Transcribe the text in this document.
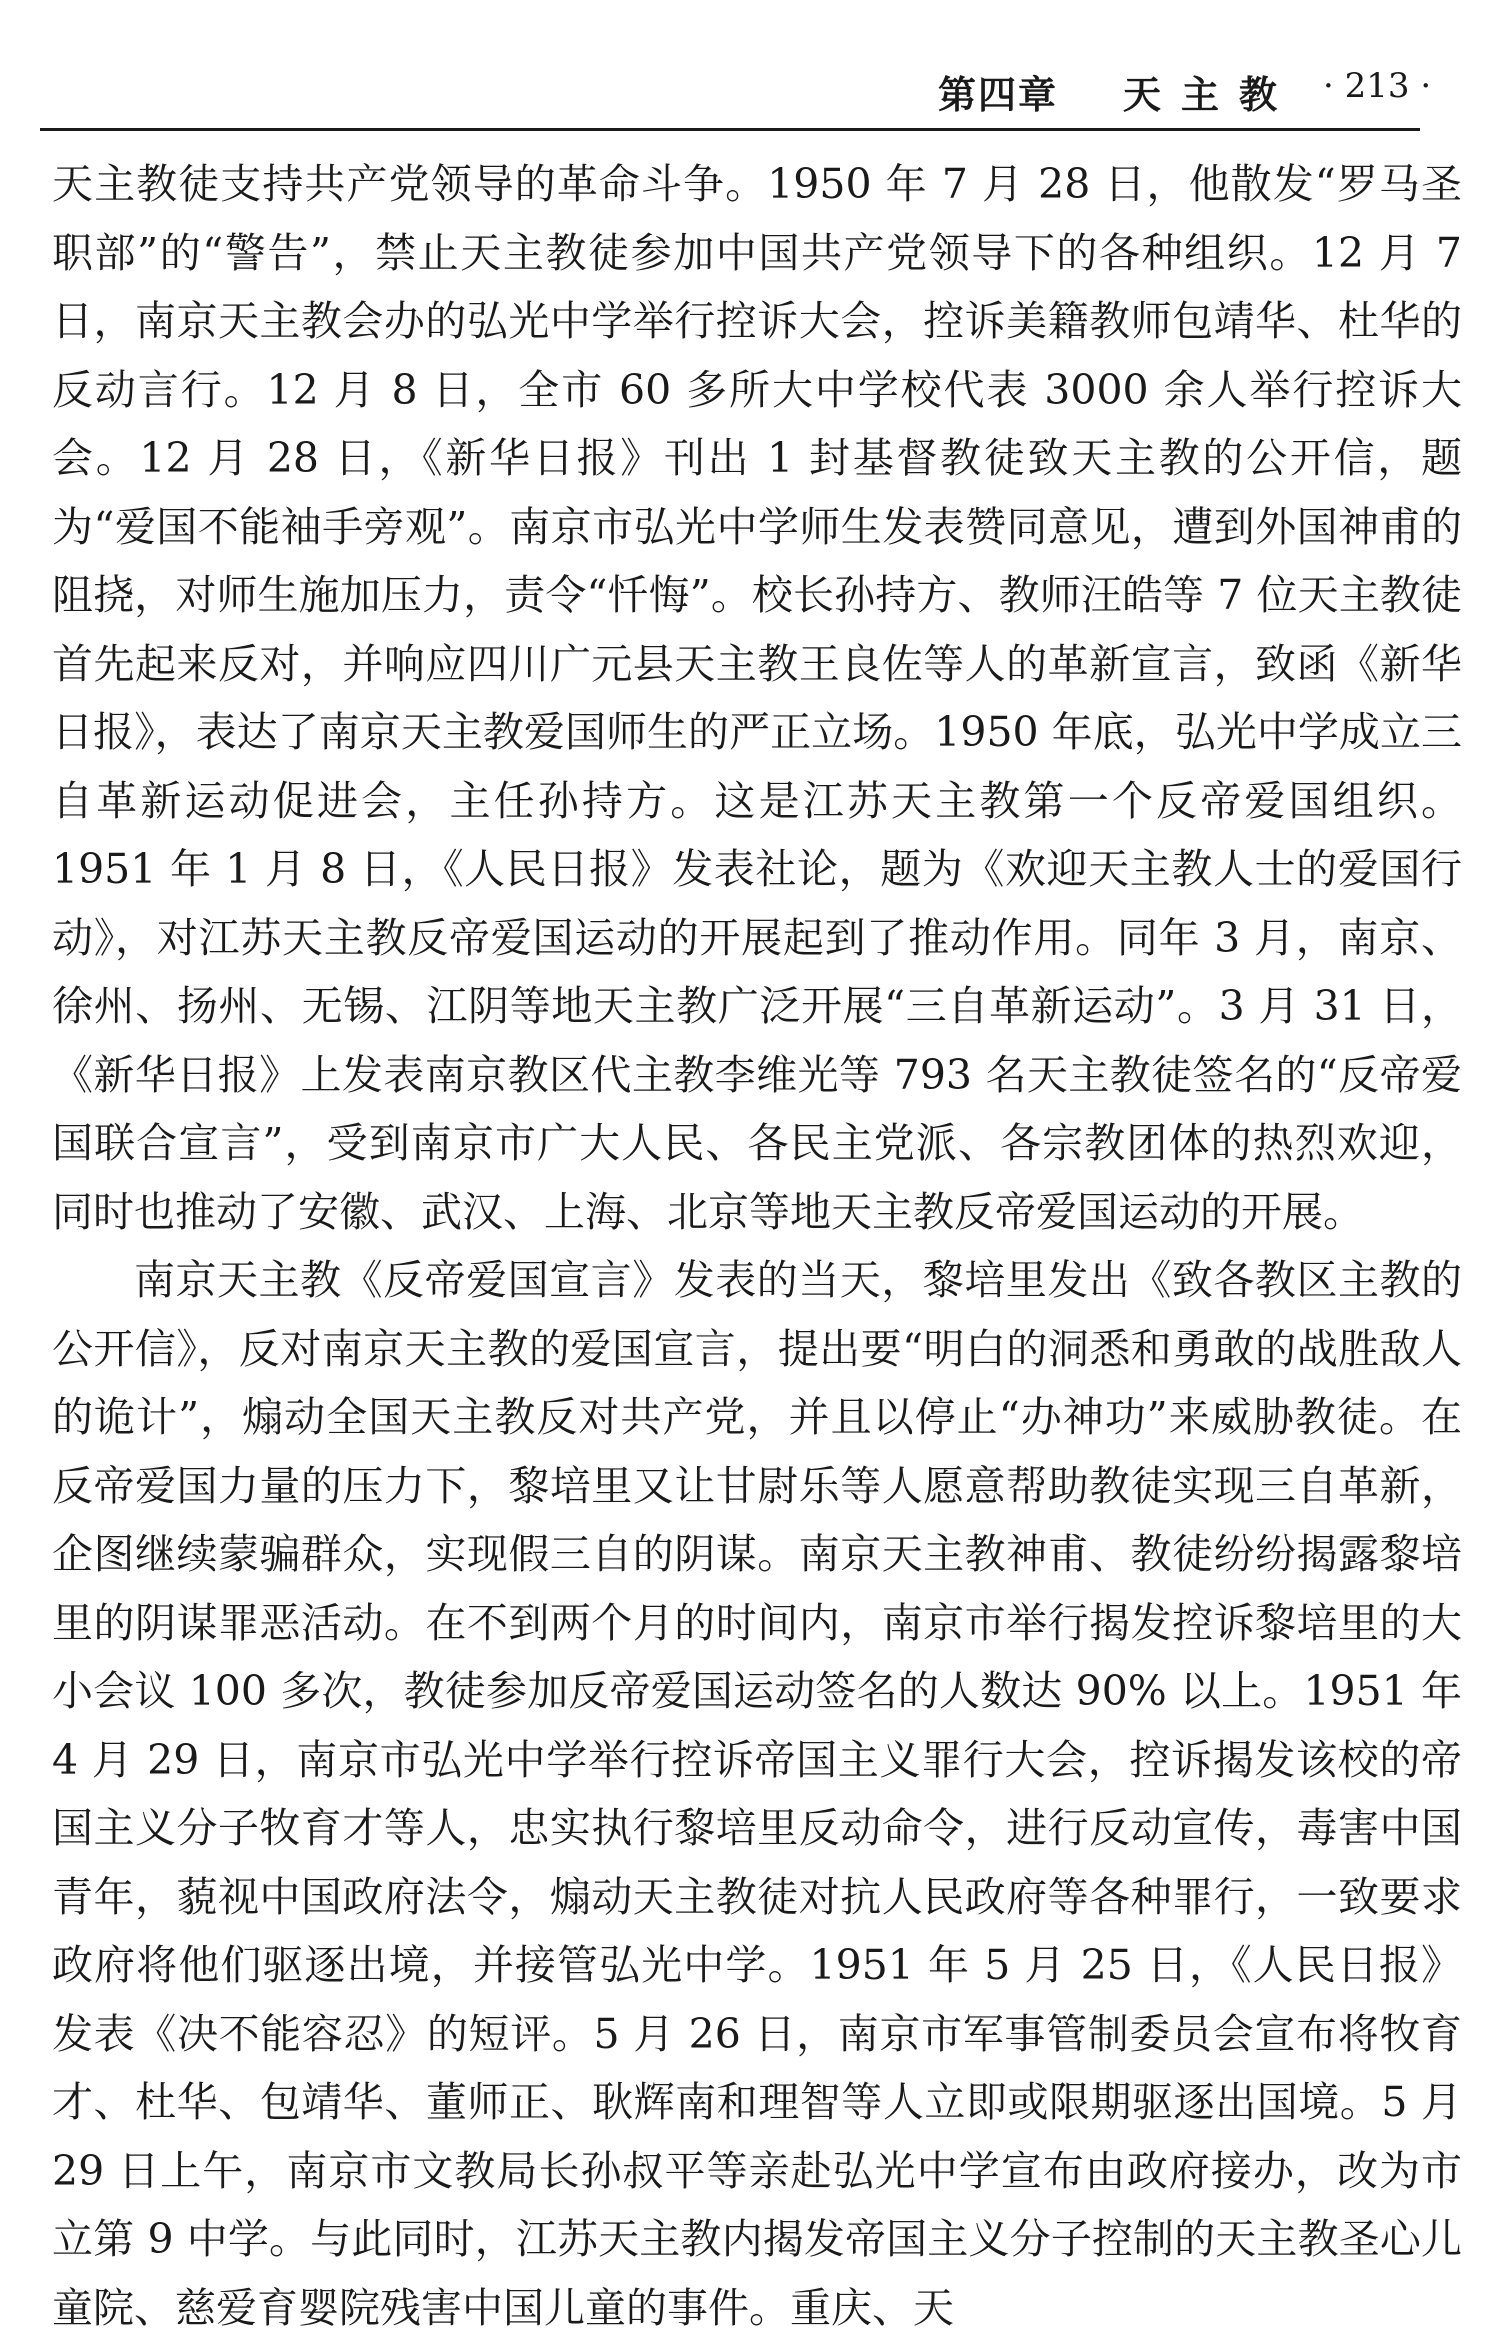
第四章 天主教 · 213 ·

天主教徒支持共产党领导的革命斗争。1950 年 7 月 28 日，他散发“罗马圣职部”的“警告”，禁止天主教徒参加中国共产党领导下的各种组织。12 月 7 日，南京天主教会办的弘光中学举行控诉大会，控诉美籍教师包靖华、杜华的反动言行。12 月 8 日，全市 60 多所大中学校代表 3000 余人举行控诉大会。12 月 28 日，《新华日报》刊出 1 封基督教徒致天主教的公开信，题为“爱国不能袖手旁观”。南京市弘光中学师生发表赞同意见，遭到外国神甫的阻挠，对师生施加压力，责令“忏悔”。校长孙持方、教师汪皓等 7 位天主教徒首先起来反对，并响应四川广元县天主教王良佐等人的革新宣言，致函《新华日报》，表达了南京天主教爱国师生的严正立场。1950 年底，弘光中学成立三自革新运动促进会，主任孙持方。这是江苏天主教第一个反帝爱国组织。1951 年 1 月 8 日，《人民日报》发表社论，题为《欢迎天主教人士的爱国行动》，对江苏天主教反帝爱国运动的开展起到了推动作用。同年 3 月，南京、徐州、扬州、无锡、江阴等地天主教广泛开展“三自革新运动”。3 月 31 日，《新华日报》上发表南京教区代主教李维光等 793 名天主教徒签名的“反帝爱国联合宣言”，受到南京市广大人民、各民主党派、各宗教团体的热烈欢迎，同时也推动了安徽、武汉、上海、北京等地天主教反帝爱国运动的开展。

南京天主教《反帝爱国宣言》发表的当天，黎培里发出《致各教区主教的公开信》，反对南京天主教的爱国宣言，提出要“明白的洞悉和勇敢的战胜敌人的诡计”，煽动全国天主教反对共产党，并且以停止“办神功”来威胁教徒。在反帝爱国力量的压力下，黎培里又让甘尉乐等人愿意帮助教徒实现三自革新，企图继续蒙骗群众，实现假三自的阴谋。南京天主教神甫、教徒纷纷揭露黎培里的阴谋罪恶活动。在不到两个月的时间内，南京市举行揭发控诉黎培里的大小会议 100 多次，教徒参加反帝爱国运动签名的人数达 90% 以上。1951 年 4 月 29 日，南京市弘光中学举行控诉帝国主义罪行大会，控诉揭发该校的帝国主义分子牧育才等人，忠实执行黎培里反动命令，进行反动宣传，毒害中国青年，藐视中国政府法令，煽动天主教徒对抗人民政府等各种罪行，一致要求政府将他们驱逐出境，并接管弘光中学。1951 年 5 月 25 日，《人民日报》发表《决不能容忍》的短评。5 月 26 日，南京市军事管制委员会宣布将牧育才、杜华、包靖华、董师正、耿辉南和理智等人立即或限期驱逐出国境。5 月 29 日上午，南京市文教局长孙叔平等亲赴弘光中学宣布由政府接办，改为市立第 9 中学。与此同时，江苏天主教内揭发帝国主义分子控制的天主教圣心儿童院、慈爱育婴院残害中国儿童的事件。重庆、天
